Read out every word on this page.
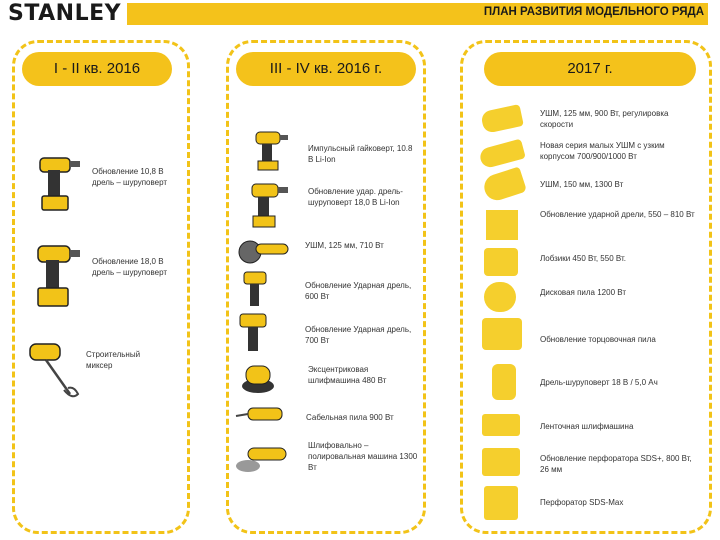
STANLEY	ПЛАН РАЗВИТИЯ МОДЕЛЬНОГО РЯДА
I - II кв. 2016	III - IV кв. 2016 г.	2017 г.
Обновление 10,8 В дрель – шуруповерт
Обновление 18,0 В дрель – шуруповерт
Строительный миксер
Импульсный гайковерт, 10.8 В Li-Ion
Обновление удар. дрель-шуруповерт 18,0 В Li-Ion
УШМ, 125 мм, 710 Вт
Обновление Ударная дрель, 600 Вт
Обновление Ударная дрель, 700 Вт
Эксцентриковая шлифмашина 480 Вт
Сабельная пила 900 Вт
Шлифовально – полировальная машина 1300 Вт
УШМ, 125 мм, 900 Вт, регулировка скорости
Новая серия малых УШМ с узким корпусом 700/900/1000 Вт
УШМ, 150 мм, 1300 Вт
Обновление ударной дрели, 550 – 810 Вт
Лобзики 450 Вт, 550 Вт.
Дисковая пила 1200 Вт
Обновление торцовочная пила
Дрель-шуруповерт 18 В / 5,0 Ач
Ленточная шлифмашина
Обновление перфоратора SDS+, 800 Вт, 26 мм
Перфоратор SDS-Max
